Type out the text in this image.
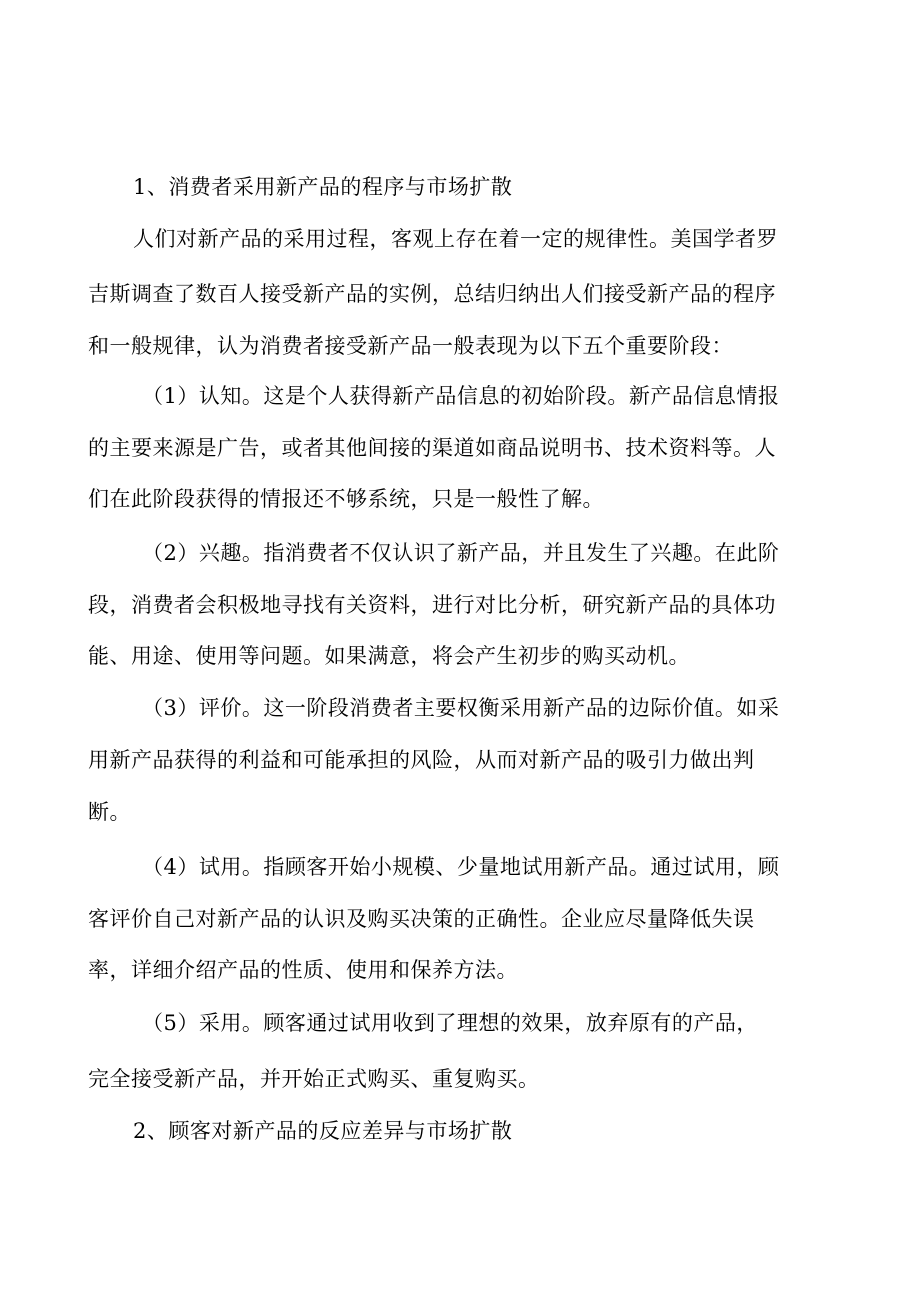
1、消费者采用新产品的程序与市场扩散

人们对新产品的采用过程，客观上存在着一定的规律性。美国学者罗

吉斯调查了数百人接受新产品的实例，总结归纳出人们接受新产品的程序

和一般规律，认为消费者接受新产品一般表现为以下五个重要阶段：

（1）认知。这是个人获得新产品信息的初始阶段。新产品信息情报

的主要来源是广告，或者其他间接的渠道如商品说明书、技术资料等。人

们在此阶段获得的情报还不够系统，只是一般性了解。

（2）兴趣。指消费者不仅认识了新产品，并且发生了兴趣。在此阶

段，消费者会积极地寻找有关资料，进行对比分析，研究新产品的具体功

能、用途、使用等问题。如果满意，将会产生初步的购买动机。

（3）评价。这一阶段消费者主要权衡采用新产品的边际价值。如采

用新产品获得的利益和可能承担的风险，从而对新产品的吸引力做出判

断。

（4）试用。指顾客开始小规模、少量地试用新产品。通过试用，顾

客评价自己对新产品的认识及购买决策的正确性。企业应尽量降低失误

率，详细介绍产品的性质、使用和保养方法。

（5）采用。顾客通过试用收到了理想的效果，放弃原有的产品，

完全接受新产品，并开始正式购买、重复购买。

2、顾客对新产品的反应差异与市场扩散
